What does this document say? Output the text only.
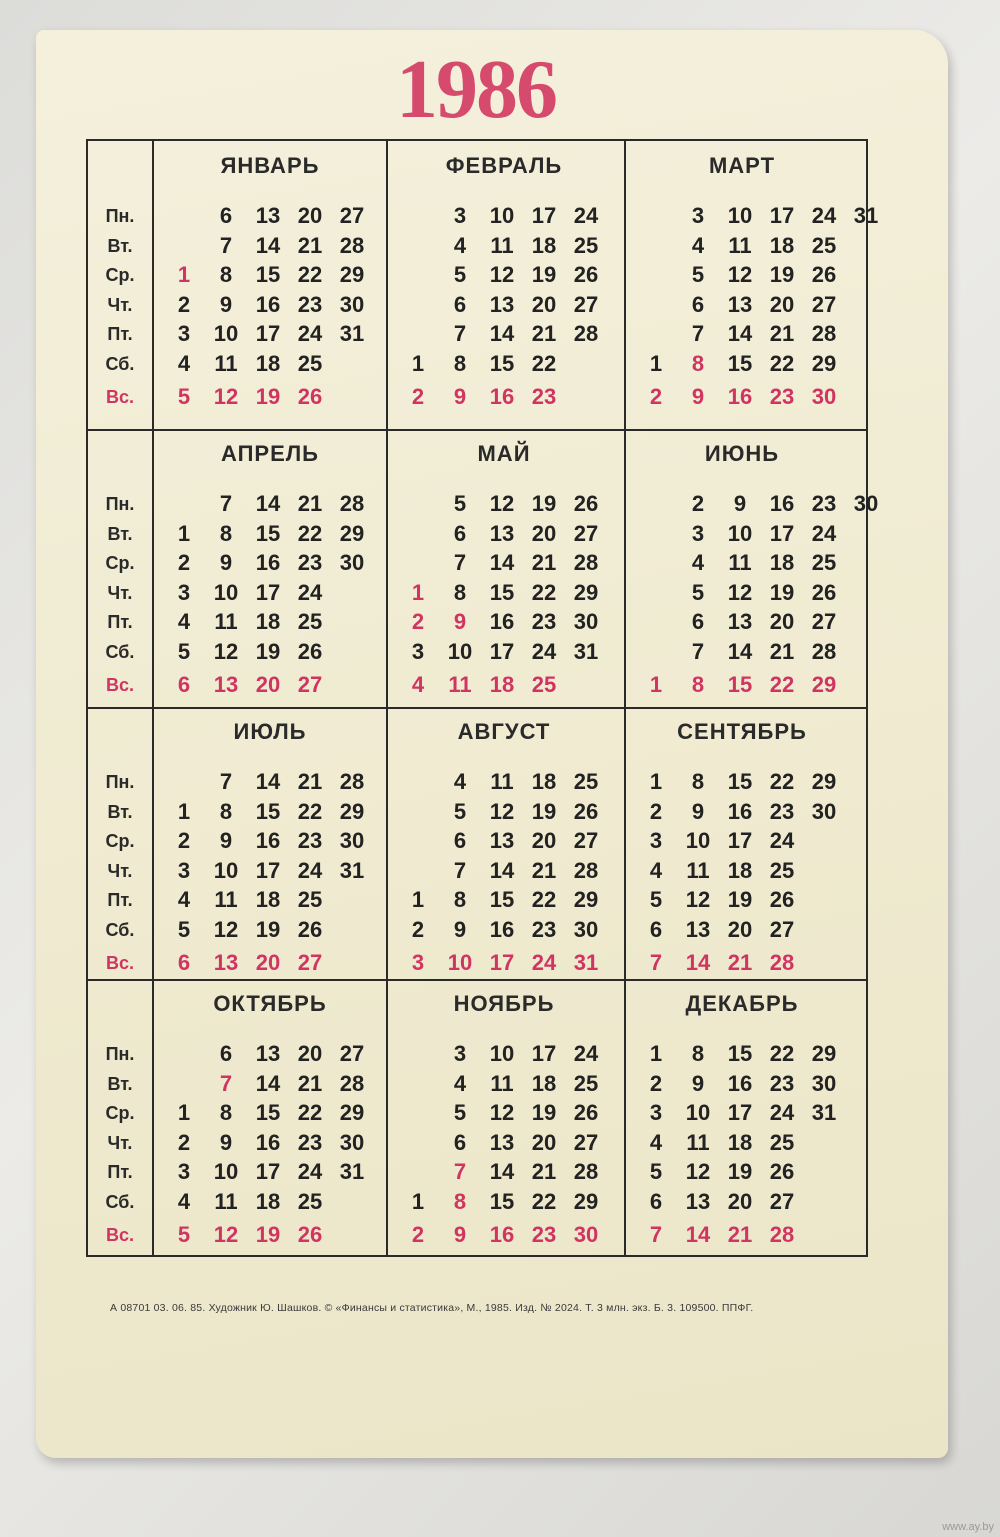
1986
Пн.
Вт.
Ср.
Чт.
Пт.
Сб.
Вс.
Пн.
Вт.
Ср.
Чт.
Пт.
Сб.
Вс.
Пн.
Вт.
Ср.
Чт.
Пт.
Сб.
Вс.
Пн.
Вт.
Ср.
Чт.
Пт.
Сб.
Вс.
ЯНВАРЬ
1
2
3
4
5
6
7
8
9
10
11
12
13
14
15
16
17
18
19
20
21
22
23
24
25
26
27
28
29
30
31
ФЕВРАЛЬ
1
2
3
4
5
6
7
8
9
10
11
12
13
14
15
16
17
18
19
20
21
22
23
24
25
26
27
28
МАРТ
1
2
3
4
5
6
7
8
9
10
11
12
13
14
15
16
17
18
19
20
21
22
23
24
25
26
27
28
29
30
31
АПРЕЛЬ
1
2
3
4
5
6
7
8
9
10
11
12
13
14
15
16
17
18
19
20
21
22
23
24
25
26
27
28
29
30
МАЙ
1
2
3
4
5
6
7
8
9
10
11
12
13
14
15
16
17
18
19
20
21
22
23
24
25
26
27
28
29
30
31
ИЮНЬ
1
2
3
4
5
6
7
8
9
10
11
12
13
14
15
16
17
18
19
20
21
22
23
24
25
26
27
28
29
30
ИЮЛЬ
1
2
3
4
5
6
7
8
9
10
11
12
13
14
15
16
17
18
19
20
21
22
23
24
25
26
27
28
29
30
31
АВГУСТ
1
2
3
4
5
6
7
8
9
10
11
12
13
14
15
16
17
18
19
20
21
22
23
24
25
26
27
28
29
30
31
СЕНТЯБРЬ
1
2
3
4
5
6
7
8
9
10
11
12
13
14
15
16
17
18
19
20
21
22
23
24
25
26
27
28
29
30
ОКТЯБРЬ
1
2
3
4
5
6
7
8
9
10
11
12
13
14
15
16
17
18
19
20
21
22
23
24
25
26
27
28
29
30
31
НОЯБРЬ
1
2
3
4
5
6
7
8
9
10
11
12
13
14
15
16
17
18
19
20
21
22
23
24
25
26
27
28
29
30
ДЕКАБРЬ
1
2
3
4
5
6
7
8
9
10
11
12
13
14
15
16
17
18
19
20
21
22
23
24
25
26
27
28
29
30
31
А 08701 03. 06. 85. Художник Ю. Шашков. © «Финансы и статистика», М., 1985. Изд. № 2024. Т. 3 млн. экз. Б. 3. 109500. ППФГ.
www.ay.by
